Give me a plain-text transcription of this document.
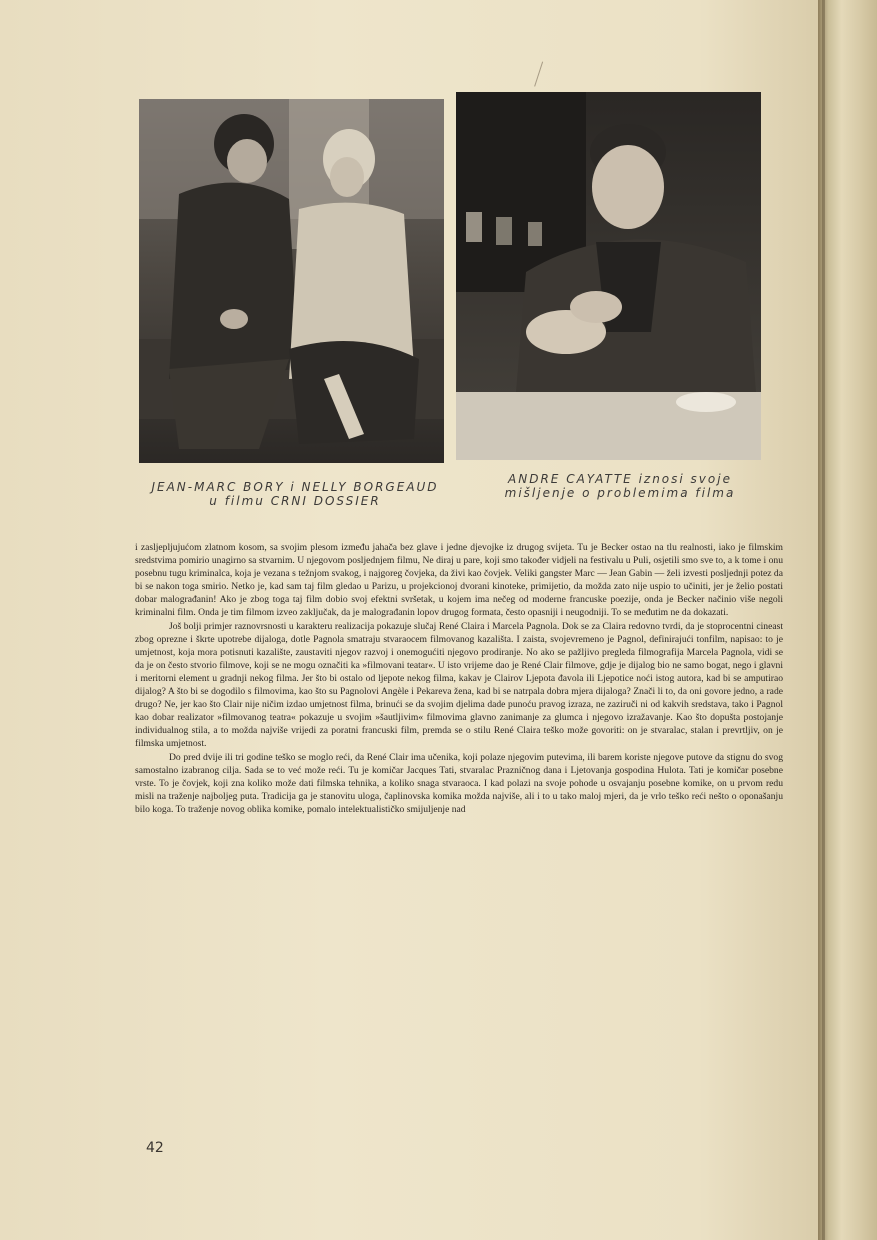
JEAN-MARC BORY i NELLY BORGEAUD u filmu CRNI DOSSIER
ANDRE CAYATTE iznosi svoje mišljenje o problemima filma

i zaslјepljujućom zlatnom kosom, sa svojim plesom između jahača bez glave i jedne djevojke iz drugog svijeta. Tu je Becker ostao na tlu realnosti, iako je filmskim sredstvima pomirio unagirno sa stvarnim. U njegovom posljednjem filmu, Ne diraj u pare, koji smo također vidjeli na festivalu u Puli, osjetili smo sve to, a k tome i onu posebnu tugu kriminalca, koja je vezana s težnjom svakog, i najgoreg čovjeka, da živi kao čovjek. Veliki gangster Marc — Jean Gabin — želi izvesti posljednji potez da bi se nakon toga smirio. Netko je, kad sam taj film gledao u Parizu, u projekcionoj dvorani kinoteke, primijetio, da možda zato nije uspio to učiniti, jer je želio postati dobar malograđanin! Ako je zbog toga taj film dobio svoj efektni svršetak, u kojem ima nečeg od moderne francuske poezije, onda je Becker načinio više negoli kriminalni film. Onda je tim filmom izveo zaključak, da je malograđanin lopov drugog formata, često opasniji i neugodniji. To se međutim ne da dokazati.

Još bolji primjer raznovrsnosti u karakteru realizacija pokazuje slučaj René Claira i Marcela Pagnola. Dok se za Claira redovno tvrdi, da je stoprocentni cineast zbog opreznе i škrte upotrebe dijaloga, dotle Pagnola smatraju stvaraocem filmovanog kazališta. I zaista, svojevremeno je Pagnol, definirajući tonfilm, napisao: to je umjetnost, koja mora potisnuti kazalište, zaustaviti njegov razvoj i onemogućiti njegovo prodiranje. No ako se pažljivo pregleda filmografija Marcela Pagnola, vidi se da je on često stvorio filmove, koji se ne mogu označiti ka »filmovani teatar«. U isto vrijeme dao je René Clair filmove, gdje je dijalog bio ne samo bogat, nego i glavni i meritorni element u gradnji nekog filma. Jer što bi ostalo od ljepote nekog filma, kakav je Clairov Ljepota đavola ili Ljepotice noći istog autora, kad bi se amputirao dijalog? A što bi se dogodilo s filmovima, kao što su Pagnolovi Angèle i Pekareva žena, kad bi se natrpala dobra mjera dijaloga? Znači li to, da oni govore jedno, a rade drugo? Ne, jer kao što Clair nije ničim izdao umjetnost filma, brinući se da svojim djelima dade punoću pravog izraza, ne zaziruči ni od kakvih sredstava, tako i Pagnol kao dobar realizator »filmovanog teatra« pokazuje u svojim »šautljivim« filmovima glavno zanimanje za glumca i njegovo izražavanje. Kao što dopušta postojanje individualnog stila, a to možda najviše vrijedi za poratni francuski film, premda se o stilu René Claira teško može govoriti: on je stvaralac, stalan i prevrtljiv, on je filmska umjetnost.

Do pred dvije ili tri godine teško se moglo reći, da René Clair ima učenika, koji polaze njegovim putevima, ili barem koriste njegove putove da stignu do svog samostalno izabranog cilja. Sada se to već može reći. Tu je komičar Jacques Tati, stvaralac Prazničnog dana i Ljetovanja gospodina Hulota. Tati je komičar posebne vrste. To je čovjek, koji zna koliko može dati filmska tehnika, a koliko snaga stvaraoca. I kad polazi na svoje pohode u osvajanju posebne komike, on u prvom redu misli na traženje najboljeg puta. Tradicija ga je stanovitu uloga, čaplinovska komika možda najviše, ali i to u tako maloj mjeri, da je vrlo teško reći nešto o oponašanju bilo koga. To traženje novog oblika komike, pomalo intelektualističko smijuljenje nad

42
